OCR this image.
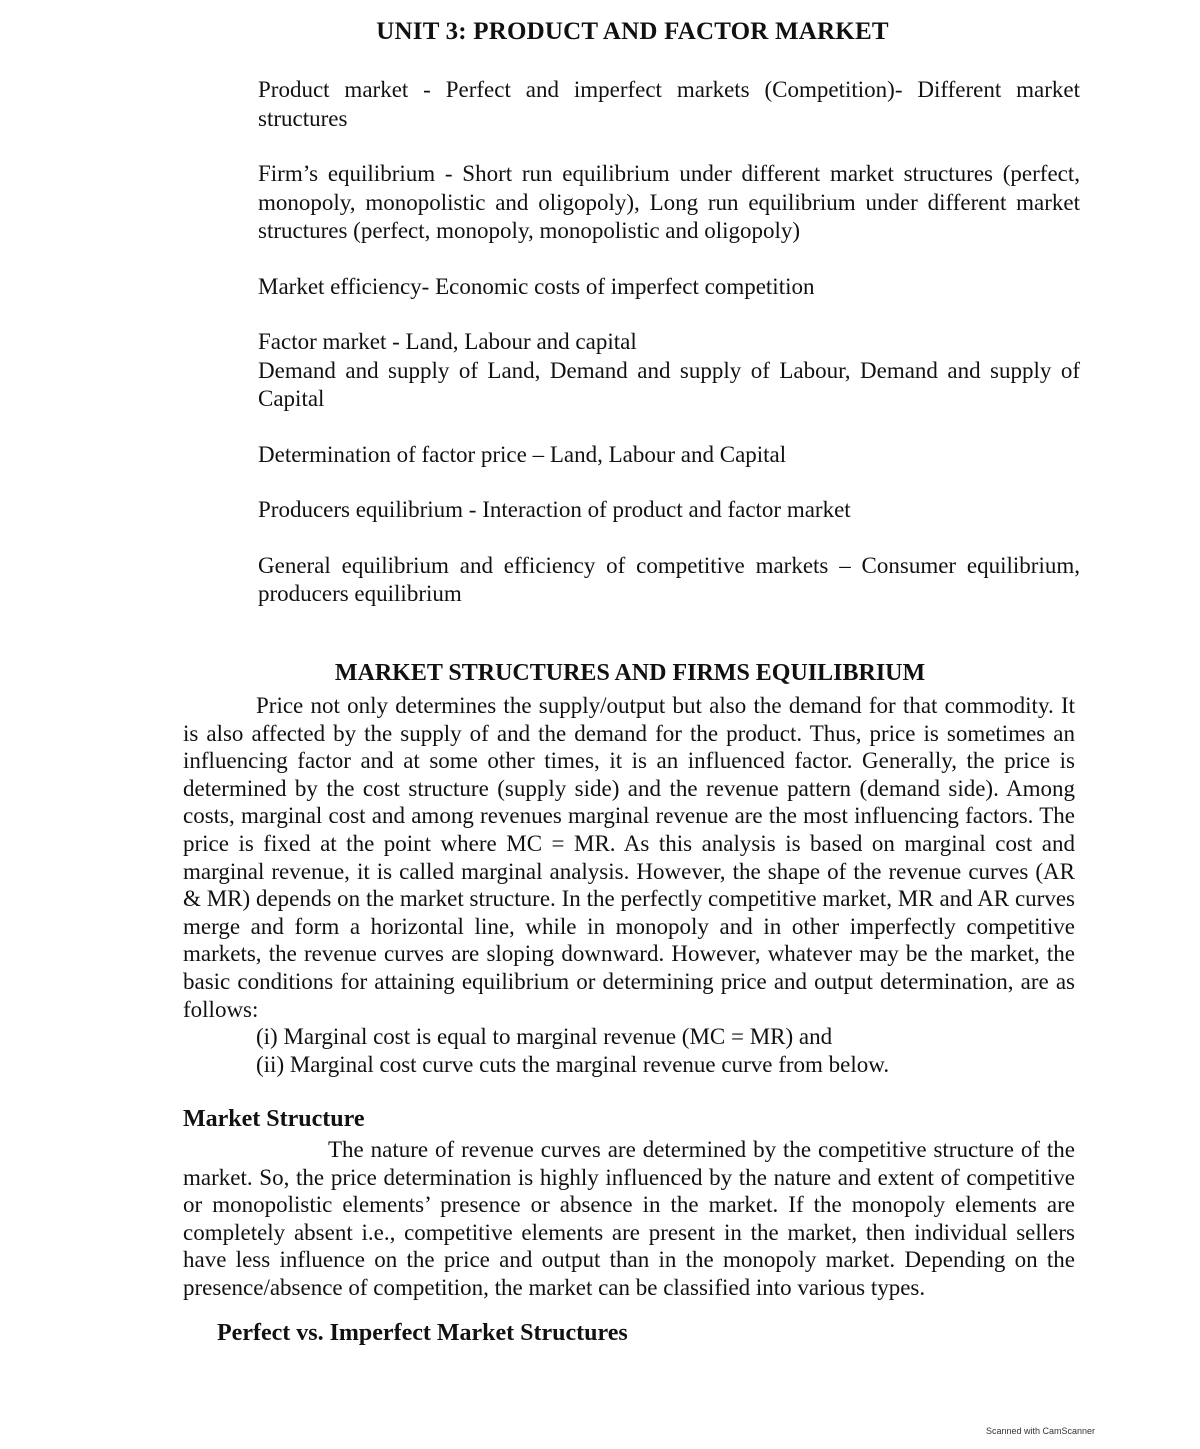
UNIT 3: PRODUCT AND FACTOR MARKET

Product market - Perfect and imperfect markets (Competition)- Different market structures

Firm’s equilibrium - Short run equilibrium under different market structures (perfect, monopoly, monopolistic and oligopoly), Long run equilibrium under different market structures (perfect, monopoly, monopolistic and oligopoly)

Market efficiency- Economic costs of imperfect competition

Factor market - Land, Labour and capital
Demand and supply of Land, Demand and supply of Labour, Demand and supply of Capital

Determination of factor price – Land, Labour and Capital

Producers equilibrium - Interaction of product and factor market

General equilibrium and efficiency of competitive markets – Consumer equilibrium, producers equilibrium

MARKET STRUCTURES AND FIRMS EQUILIBRIUM

Price not only determines the supply/output but also the demand for that commodity. It is also affected by the supply of and the demand for the product. Thus, price is sometimes an influencing factor and at some other times, it is an influenced factor. Generally, the price is determined by the cost structure (supply side) and the revenue pattern (demand side). Among costs, marginal cost and among revenues marginal revenue are the most influencing factors. The price is fixed at the point where MC = MR. As this analysis is based on marginal cost and marginal revenue, it is called marginal analysis. However, the shape of the revenue curves (AR & MR) depends on the market structure. In the perfectly competitive market, MR and AR curves merge and form a horizontal line, while in monopoly and in other imperfectly competitive markets, the revenue curves are sloping downward. However, whatever may be the market, the basic conditions for attaining equilibrium or determining price and output determination, are as follows:

(i) Marginal cost is equal to marginal revenue (MC = MR) and
(ii) Marginal cost curve cuts the marginal revenue curve from below.
Market Structure

The nature of revenue curves are determined by the competitive structure of the market. So, the price determination is highly influenced by the nature and extent of competitive or monopolistic elements’ presence or absence in the market. If the monopoly elements are completely absent i.e., competitive elements are present in the market, then individual sellers have less influence on the price and output than in the monopoly market. Depending on the presence/absence of competition, the market can be classified into various types.

Perfect vs. Imperfect Market Structures
Scanned with CamScanner
